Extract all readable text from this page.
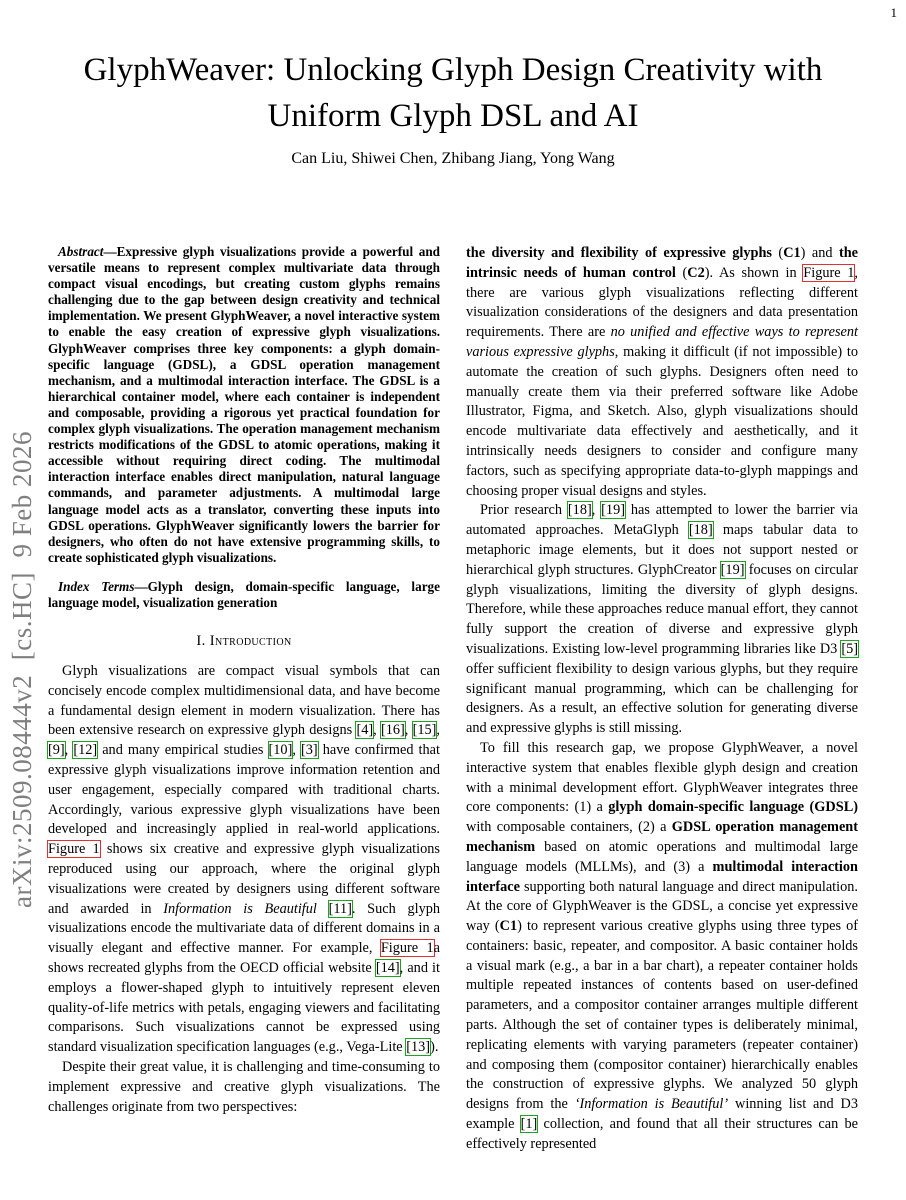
1
arXiv:2509.08444v2  [cs.HC]  9 Feb 2026
GlyphWeaver: Unlocking Glyph Design Creativity with Uniform Glyph DSL and AI
Can Liu, Shiwei Chen, Zhibang Jiang, Yong Wang

Abstract—Expressive glyph visualizations provide a powerful and versatile means to represent complex multivariate data through compact visual encodings, but creating custom glyphs remains challenging due to the gap between design creativity and technical implementation. We present GlyphWeaver, a novel interactive system to enable the easy creation of expressive glyph visualizations. GlyphWeaver comprises three key components: a glyph domain-specific language (GDSL), a GDSL operation management mechanism, and a multimodal interaction interface. The GDSL is a hierarchical container model, where each container is independent and composable, providing a rigorous yet practical foundation for complex glyph visualizations. The operation management mechanism restricts modifications of the GDSL to atomic operations, making it accessible without requiring direct coding. The multimodal interaction interface enables direct manipulation, natural language commands, and parameter adjustments. A multimodal large language model acts as a translator, converting these inputs into GDSL operations. GlyphWeaver significantly lowers the barrier for designers, who often do not have extensive programming skills, to create sophisticated glyph visualizations.

Index Terms—Glyph design, domain-specific language, large language model, visualization generation

I. Introduction

Glyph visualizations are compact visual symbols that can concisely encode complex multidimensional data, and have become a fundamental design element in modern visualization. There has been extensive research on expressive glyph designs [4], [16], [15], [9], [12] and many empirical studies [10], [3] have confirmed that expressive glyph visualizations improve information retention and user engagement, especially compared with traditional charts. Accordingly, various expressive glyph visualizations have been developed and increasingly applied in real-world applications. Figure 1 shows six creative and expressive glyph visualizations reproduced using our approach, where the original glyph visualizations were created by designers using different software and awarded in Information is Beautiful [11]. Such glyph visualizations encode the multivariate data of different domains in a visually elegant and effective manner. For example, Figure 1a shows recreated glyphs from the OECD official website [14], and it employs a flower-shaped glyph to intuitively represent eleven quality-of-life metrics with petals, engaging viewers and facilitating comparisons. Such visualizations cannot be expressed using standard visualization specification languages (e.g., Vega-Lite [13]).

Despite their great value, it is challenging and time-consuming to implement expressive and creative glyph visualizations. The challenges originate from two perspectives:

the diversity and flexibility of expressive glyphs (C1) and the intrinsic needs of human control (C2). As shown in Figure 1, there are various glyph visualizations reflecting different visualization considerations of the designers and data presentation requirements. There are no unified and effective ways to represent various expressive glyphs, making it difficult (if not impossible) to automate the creation of such glyphs. Designers often need to manually create them via their preferred software like Adobe Illustrator, Figma, and Sketch. Also, glyph visualizations should encode multivariate data effectively and aesthetically, and it intrinsically needs designers to consider and configure many factors, such as specifying appropriate data-to-glyph mappings and choosing proper visual designs and styles.

Prior research [18], [19] has attempted to lower the barrier via automated approaches. MetaGlyph [18] maps tabular data to metaphoric image elements, but it does not support nested or hierarchical glyph structures. GlyphCreator [19] focuses on circular glyph visualizations, limiting the diversity of glyph designs. Therefore, while these approaches reduce manual effort, they cannot fully support the creation of diverse and expressive glyph visualizations. Existing low-level programming libraries like D3 [5] offer sufficient flexibility to design various glyphs, but they require significant manual programming, which can be challenging for designers. As a result, an effective solution for generating diverse and expressive glyphs is still missing.

To fill this research gap, we propose GlyphWeaver, a novel interactive system that enables flexible glyph design and creation with a minimal development effort. GlyphWeaver integrates three core components: (1) a glyph domain-specific language (GDSL) with composable containers, (2) a GDSL operation management mechanism based on atomic operations and multimodal large language models (MLLMs), and (3) a multimodal interaction interface supporting both natural language and direct manipulation. At the core of GlyphWeaver is the GDSL, a concise yet expressive way (C1) to represent various creative glyphs using three types of containers: basic, repeater, and compositor. A basic container holds a visual mark (e.g., a bar in a bar chart), a repeater container holds multiple repeated instances of contents based on user-defined parameters, and a compositor container arranges multiple different parts. Although the set of container types is deliberately minimal, replicating elements with varying parameters (repeater container) and composing them (compositor container) hierarchically enables the construction of expressive glyphs. We analyzed 50 glyph designs from the ‘Information is Beautiful’ winning list and D3 example [1] collection, and found that all their structures can be effectively represented
